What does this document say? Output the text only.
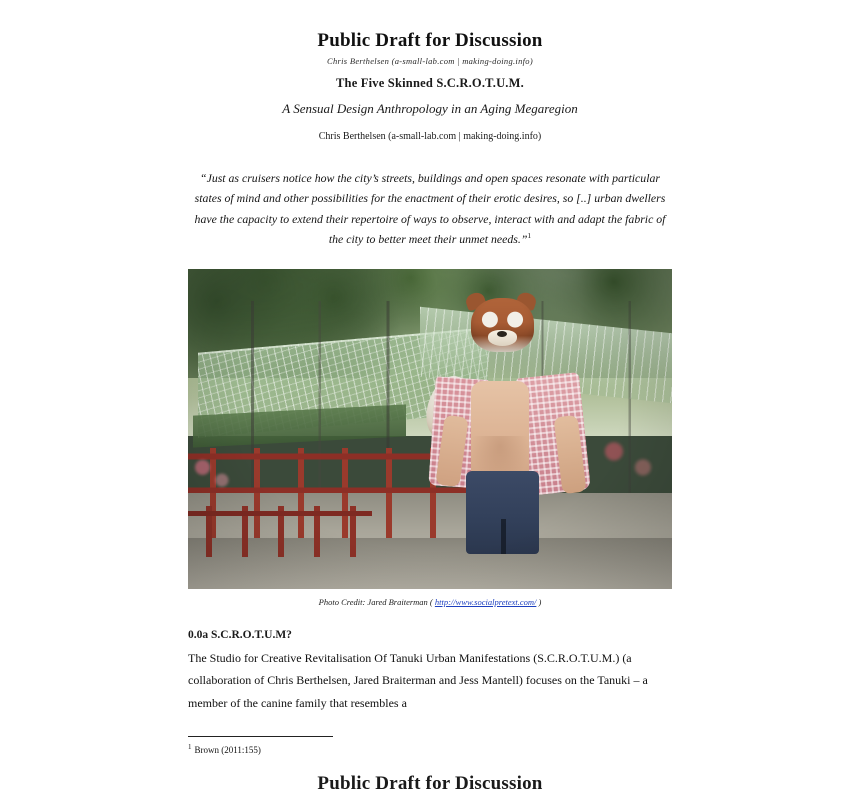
Public Draft for Discussion
Chris Berthelsen (a-small-lab.com | making-doing.info)
The Five Skinned S.C.R.O.T.U.M.
A Sensual Design Anthropology in an Aging Megaregion
Chris Berthelsen (a-small-lab.com | making-doing.info)
“Just as cruisers notice how the city’s streets, buildings and open spaces resonate with particular states of mind and other possibilities for the enactment of their erotic desires, so [..] urban dwellers have the capacity to extend their repertoire of ways to observe, interact with and adapt the fabric of the city to better meet their unmet needs.”$^1$
Photo Credit: Jared Braiterman ( http://www.socialpretext.com/ )
0.0a S.C.R.O.T.U.M?

The Studio for Creative Revitalisation Of Tanuki Urban Manifestations (S.C.R.O.T.U.M.) (a collaboration of Chris Berthelsen, Jared Braiterman and Jess Mantell) focuses on the Tanuki – a member of the canine family that resembles a

$^1$ Brown (2011:155)

Public Draft for Discussion
